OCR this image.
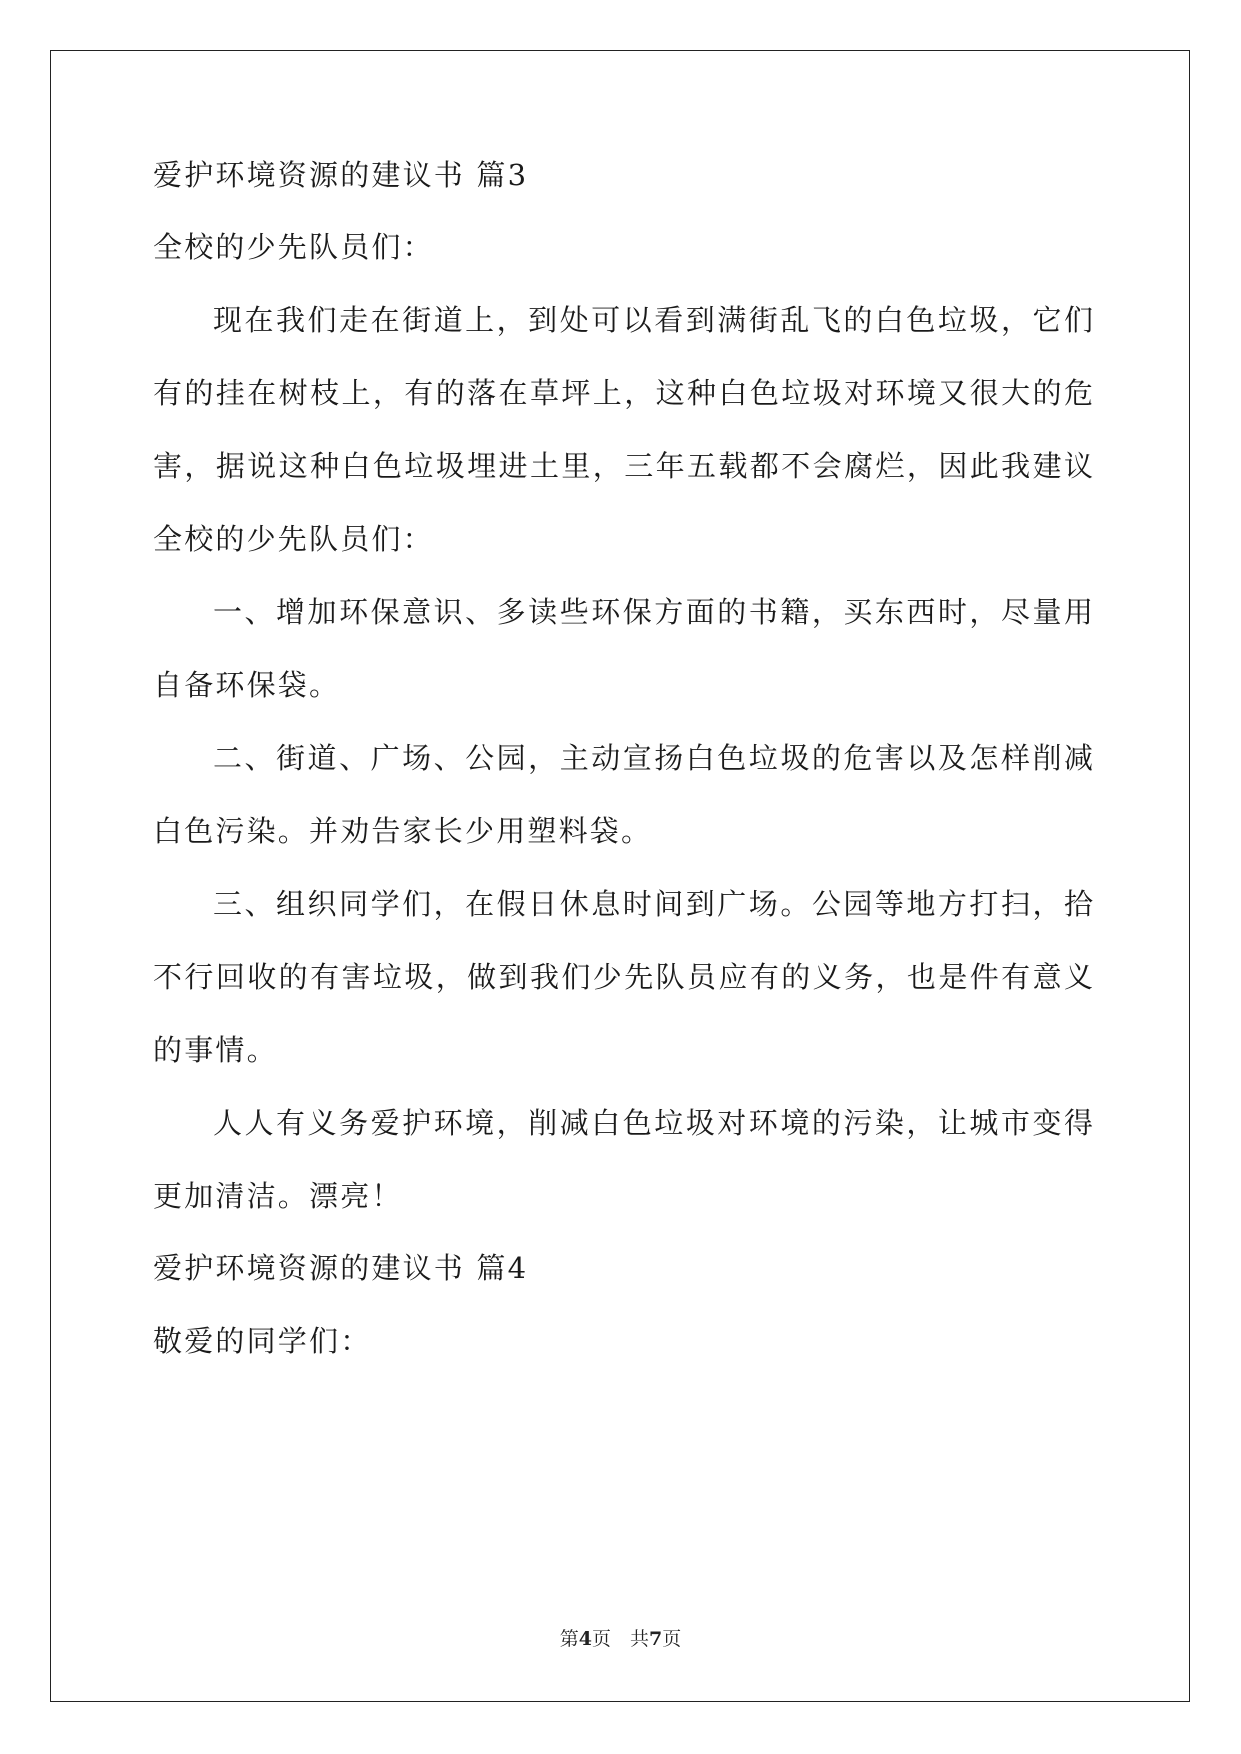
爱护环境资源的建议书 篇3
全校的少先队员们：
现在我们走在街道上，到处可以看到满街乱飞的白色垃圾，它们
有的挂在树枝上，有的落在草坪上，这种白色垃圾对环境又很大的危
害，据说这种白色垃圾埋进土里，三年五载都不会腐烂，因此我建议
全校的少先队员们：
一、增加环保意识、多读些环保方面的书籍，买东西时，尽量用
自备环保袋。
二、街道、广场、公园，主动宣扬白色垃圾的危害以及怎样削减
白色污染。并劝告家长少用塑料袋。
三、组织同学们，在假日休息时间到广场。公园等地方打扫，拾
不行回收的有害垃圾，做到我们少先队员应有的义务，也是件有意义
的事情。
人人有义务爱护环境，削减白色垃圾对环境的污染，让城市变得
更加清洁。漂亮！
爱护环境资源的建议书 篇4
敬爱的同学们：
第4页　共7页
